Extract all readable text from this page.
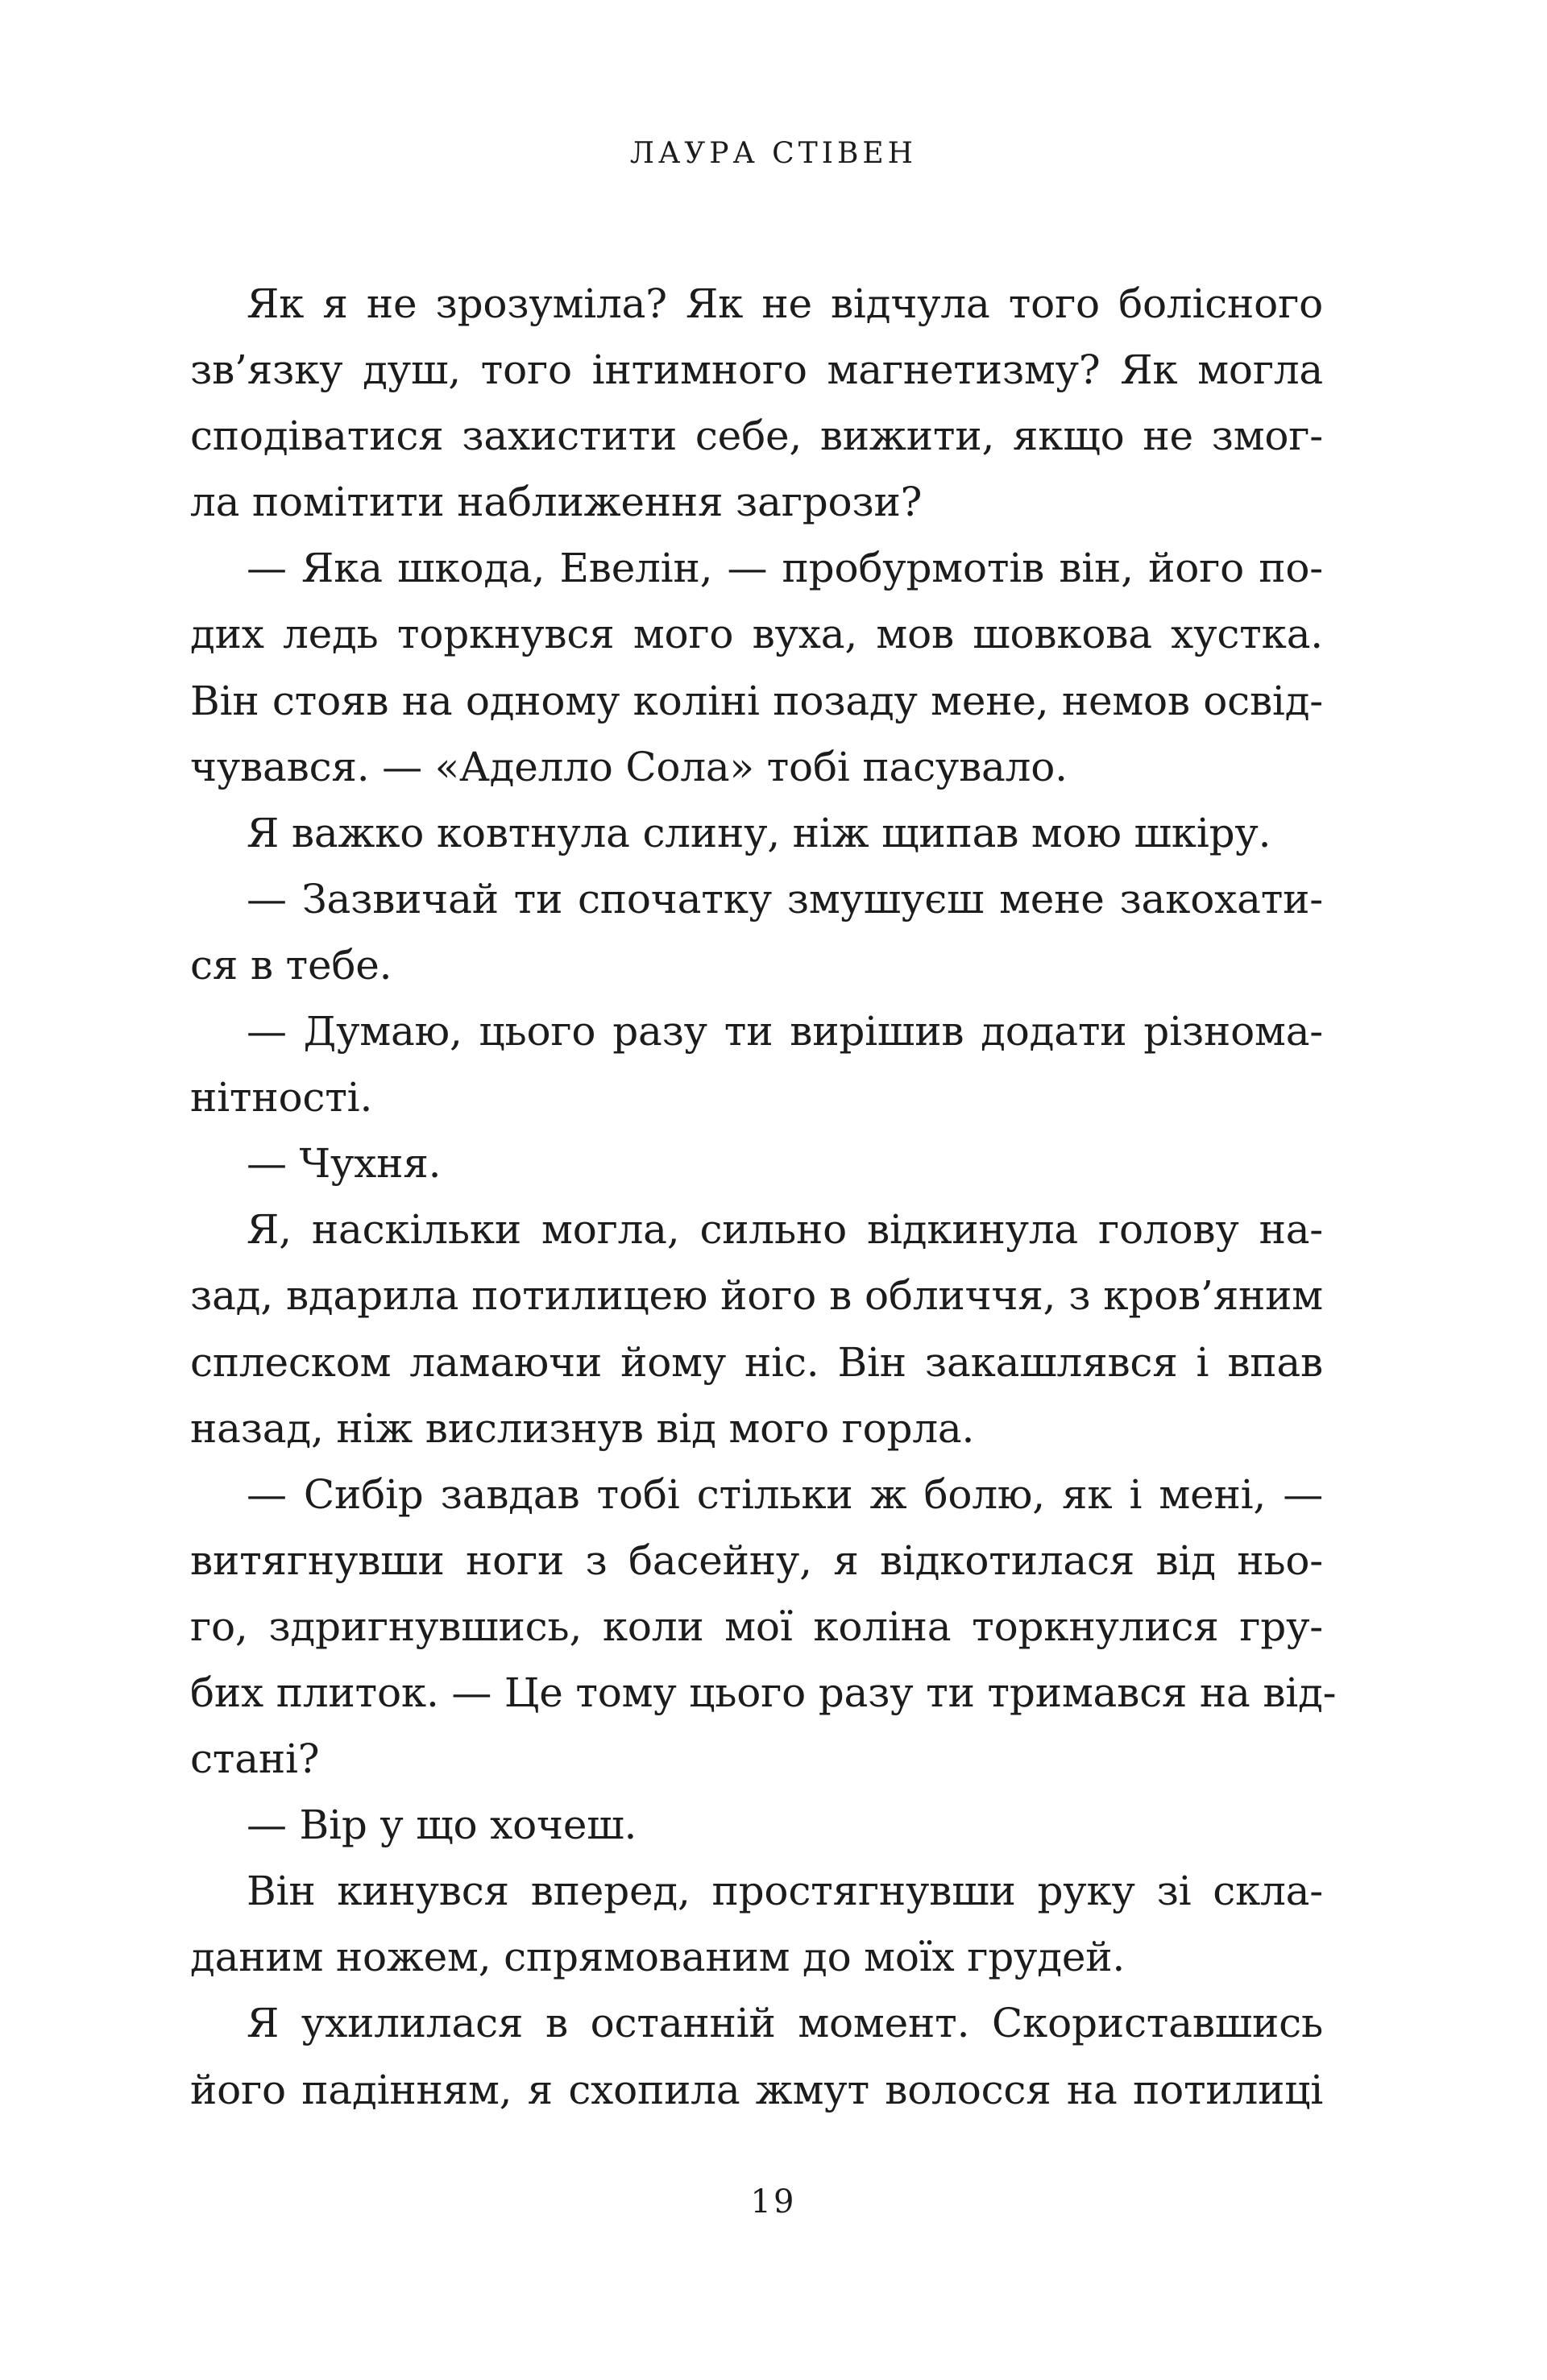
ЛАУРА СТІВЕН
Як я не зрозуміла? Як не відчула того болісного
зв’язку душ, того інтимного магнетизму? Як могла
сподіватися захистити себе, вижити, якщо не змог-
ла помітити наближення загрози?
— Яка шкода, Евелін, — пробурмотів він, його по-
дих ледь торкнувся мого вуха, мов шовкова хустка.
Він стояв на одному коліні позаду мене, немов освід-
чувався. — «Аделло Сола» тобі пасувало.
Я важко ковтнула слину, ніж щипав мою шкіру.
— Зазвичай ти спочатку змушуєш мене закохати-
ся в тебе.
— Думаю, цього разу ти вирішив додати різнома-
нітності.
— Чухня.
Я, наскільки могла, сильно відкинула голову на-
зад, вдарила потилицею його в обличчя, з кров’яним
сплеском ламаючи йому ніс. Він закашлявся і впав
назад, ніж вислизнув від мого горла.
— Сибір завдав тобі стільки ж болю, як і мені, —
витягнувши ноги з басейну, я відкотилася від ньо-
го, здригнувшись, коли мої коліна торкнулися гру-
бих плиток. — Це тому цього разу ти тримався на від-
стані?
— Вір у що хочеш.
Він кинувся вперед, простягнувши руку зі скла-
даним ножем, спрямованим до моїх грудей.
Я ухилилася в останній момент. Скориставшись
його падінням, я схопила жмут волосся на потилиці
19
